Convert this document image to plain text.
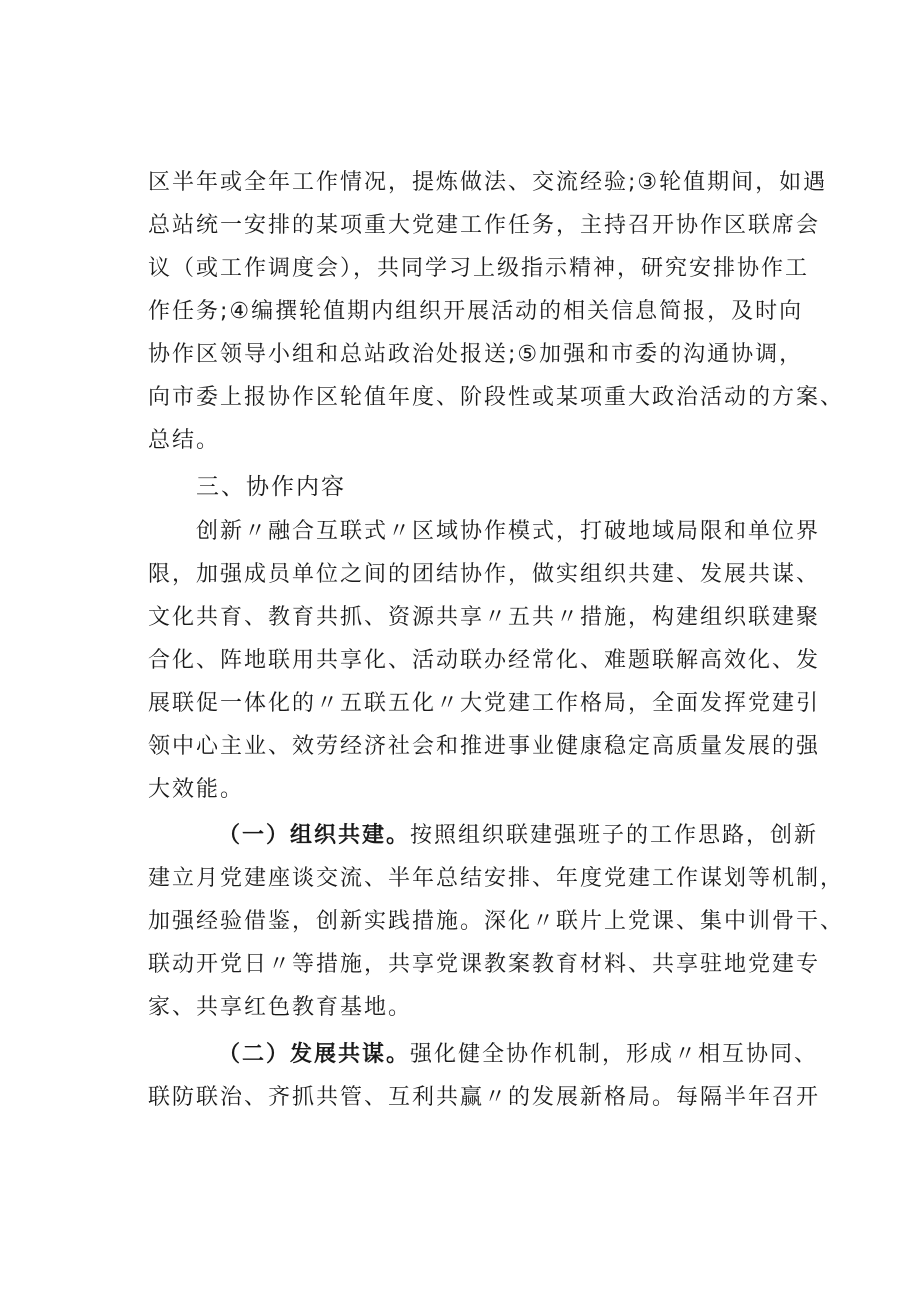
区半年或全年工作情况，提炼做法、交流经验;③轮值期间，如遇
总站统一安排的某项重大党建工作任务，主持召开协作区联席会
议（或工作调度会），共同学习上级指示精神，研究安排协作工
作任务;④编撰轮值期内组织开展活动的相关信息简报，及时向
协作区领导小组和总站政治处报送;⑤加强和市委的沟通协调，
向市委上报协作区轮值年度、阶段性或某项重大政治活动的方案、
总结。
三、协作内容
创新〃融合互联式〃区域协作模式，打破地域局限和单位界
限，加强成员单位之间的团结协作，做实组织共建、发展共谋、
文化共育、教育共抓、资源共享〃五共〃措施，构建组织联建聚
合化、阵地联用共享化、活动联办经常化、难题联解高效化、发
展联促一体化的〃五联五化〃大党建工作格局，全面发挥党建引
领中心主业、效劳经济社会和推进事业健康稳定高质量发展的强
大效能。
（一）组织共建。按照组织联建强班子的工作思路，创新
建立月党建座谈交流、半年总结安排、年度党建工作谋划等机制，
加强经验借鉴，创新实践措施。深化〃联片上党课、集中训骨干、
联动开党日〃等措施，共享党课教案教育材料、共享驻地党建专
家、共享红色教育基地。
（二）发展共谋。强化健全协作机制，形成〃相互协同、
联防联治、齐抓共管、互利共赢〃的发展新格局。每隔半年召开
